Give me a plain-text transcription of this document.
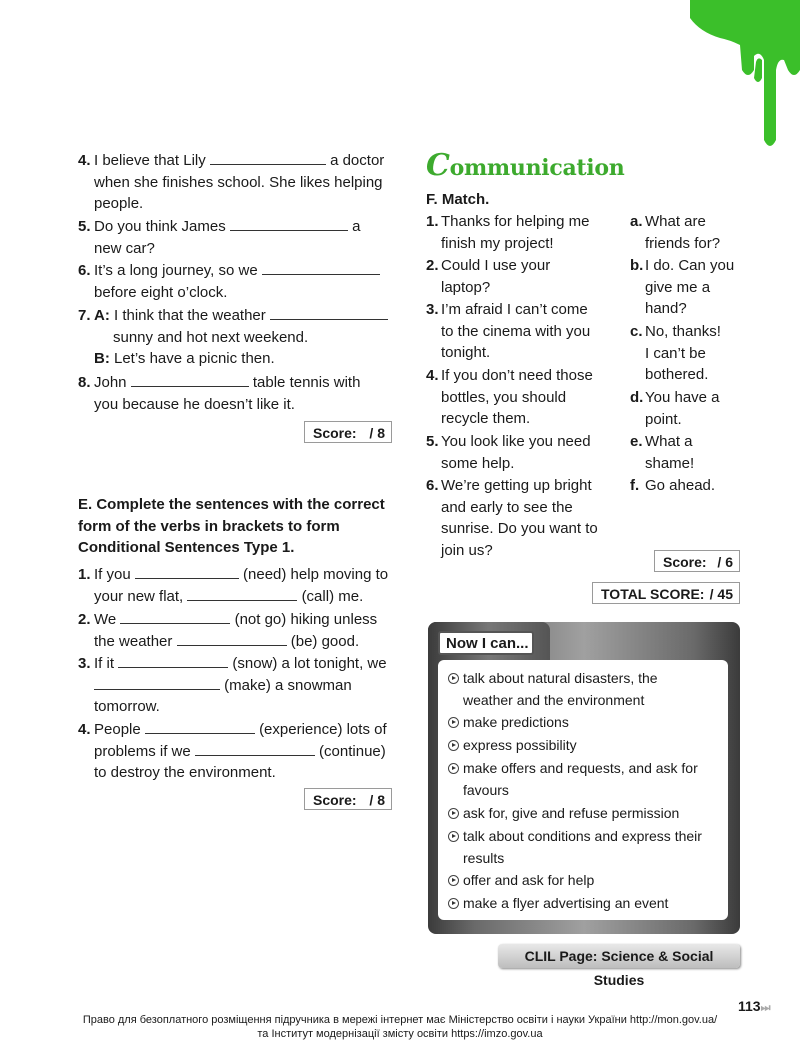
4. I believe that Lily	a doctor
when she finishes school. She likes helping
people.
5. Do you think James	a
new car?
6. It’s a long journey, so we
before eight o’clock.
7. A: I think that the weather
sunny and hot next weekend.
B: Let’s have a picnic then.
8. John	table tennis with
you because he doesn’t like it.
Score: / 8
E. Complete the sentences with the correct
form of the verbs in brackets to form
Conditional Sentences Type 1.
1. If you	(need) help moving to
your new flat,	(call) me.
2. We	(not go) hiking unless
the weather	(be) good.
3. If it	(snow) a lot tonight, we
(make) a snowman
tomorrow.
4. People	(experience) lots of
problems if we	(continue)
to destroy the environment.
Score: / 8
Communication
F. Match.
1. Thanks for helping me
finish my project!
2. Could I use your
laptop?
3. I’m afraid I can’t come
to the cinema with you
tonight.
4. If you don’t need those
bottles, you should
recycle them.
5. You look like you need
some help.
6. We’re getting up bright
and early to see the
sunrise. Do you want to
join us?
a. What are
friends for?
b. I do. Can you
give me a
hand?
c. No, thanks!
I can’t be
bothered.
d. You have a
point.
e. What a
shame!
f. Go ahead.
Score: / 6
TOTAL SCORE: / 45
Now I can...
talk about natural disasters, the
weather and the environment
make predictions
express possibility
make offers and requests, and ask for
favours
ask for, give and refuse permission
talk about conditions and express their
results
offer and ask for help
make a flyer advertising an event
CLIL Page: Science & Social Studies
113⏭
Право для безоплатного розміщення підручника в мережі інтернет має Міністерство освіти і науки України http://mon.gov.ua/
та Інститут модернізації змісту освіти https://imzo.gov.ua
